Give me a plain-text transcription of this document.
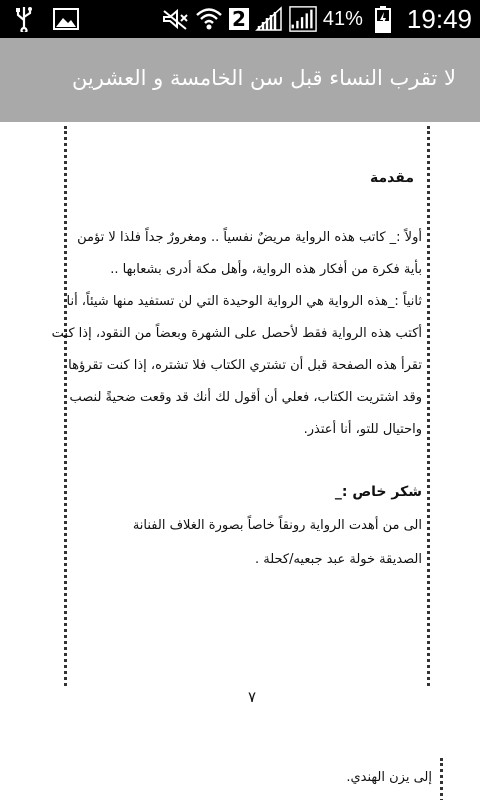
2	41% 19:49
لا تقرب النساء قبل سن الخامسة و العشرين
مقدمة
أولاً :_ كاتب هذه الرواية مريضٌ نفسياً .. ومغرورٌ جداً فلذا لا تؤمن
بأية فكرة من أفكار هذه الرواية، وأهل مكة أدرى بشعابها ..
ثانياً :_هذه الرواية هي الرواية الوحيدة التي لن تستفيد منها شيئاً، أنا
أكتب هذه الرواية فقط لأحصل على الشهرة وبعضاً من النقود، إذا كنت
تقرأ هذه الصفحة قبل أن تشتري الكتاب فلا تشتره، إذا كنت تقرؤها
وقد اشتريت الكتاب، فعلي أن أقول لك أنك قد وقعت ضحيةً لنصب
واحتيال للتو، أنا أعتذر.
شكر خاص :_
الى من أهدت الرواية رونقاً خاصاً بصورة الغلاف الفنانة
الصديقة خولة عبد جبعيه/كحلة .
٧
إلى يزن الهندي.
